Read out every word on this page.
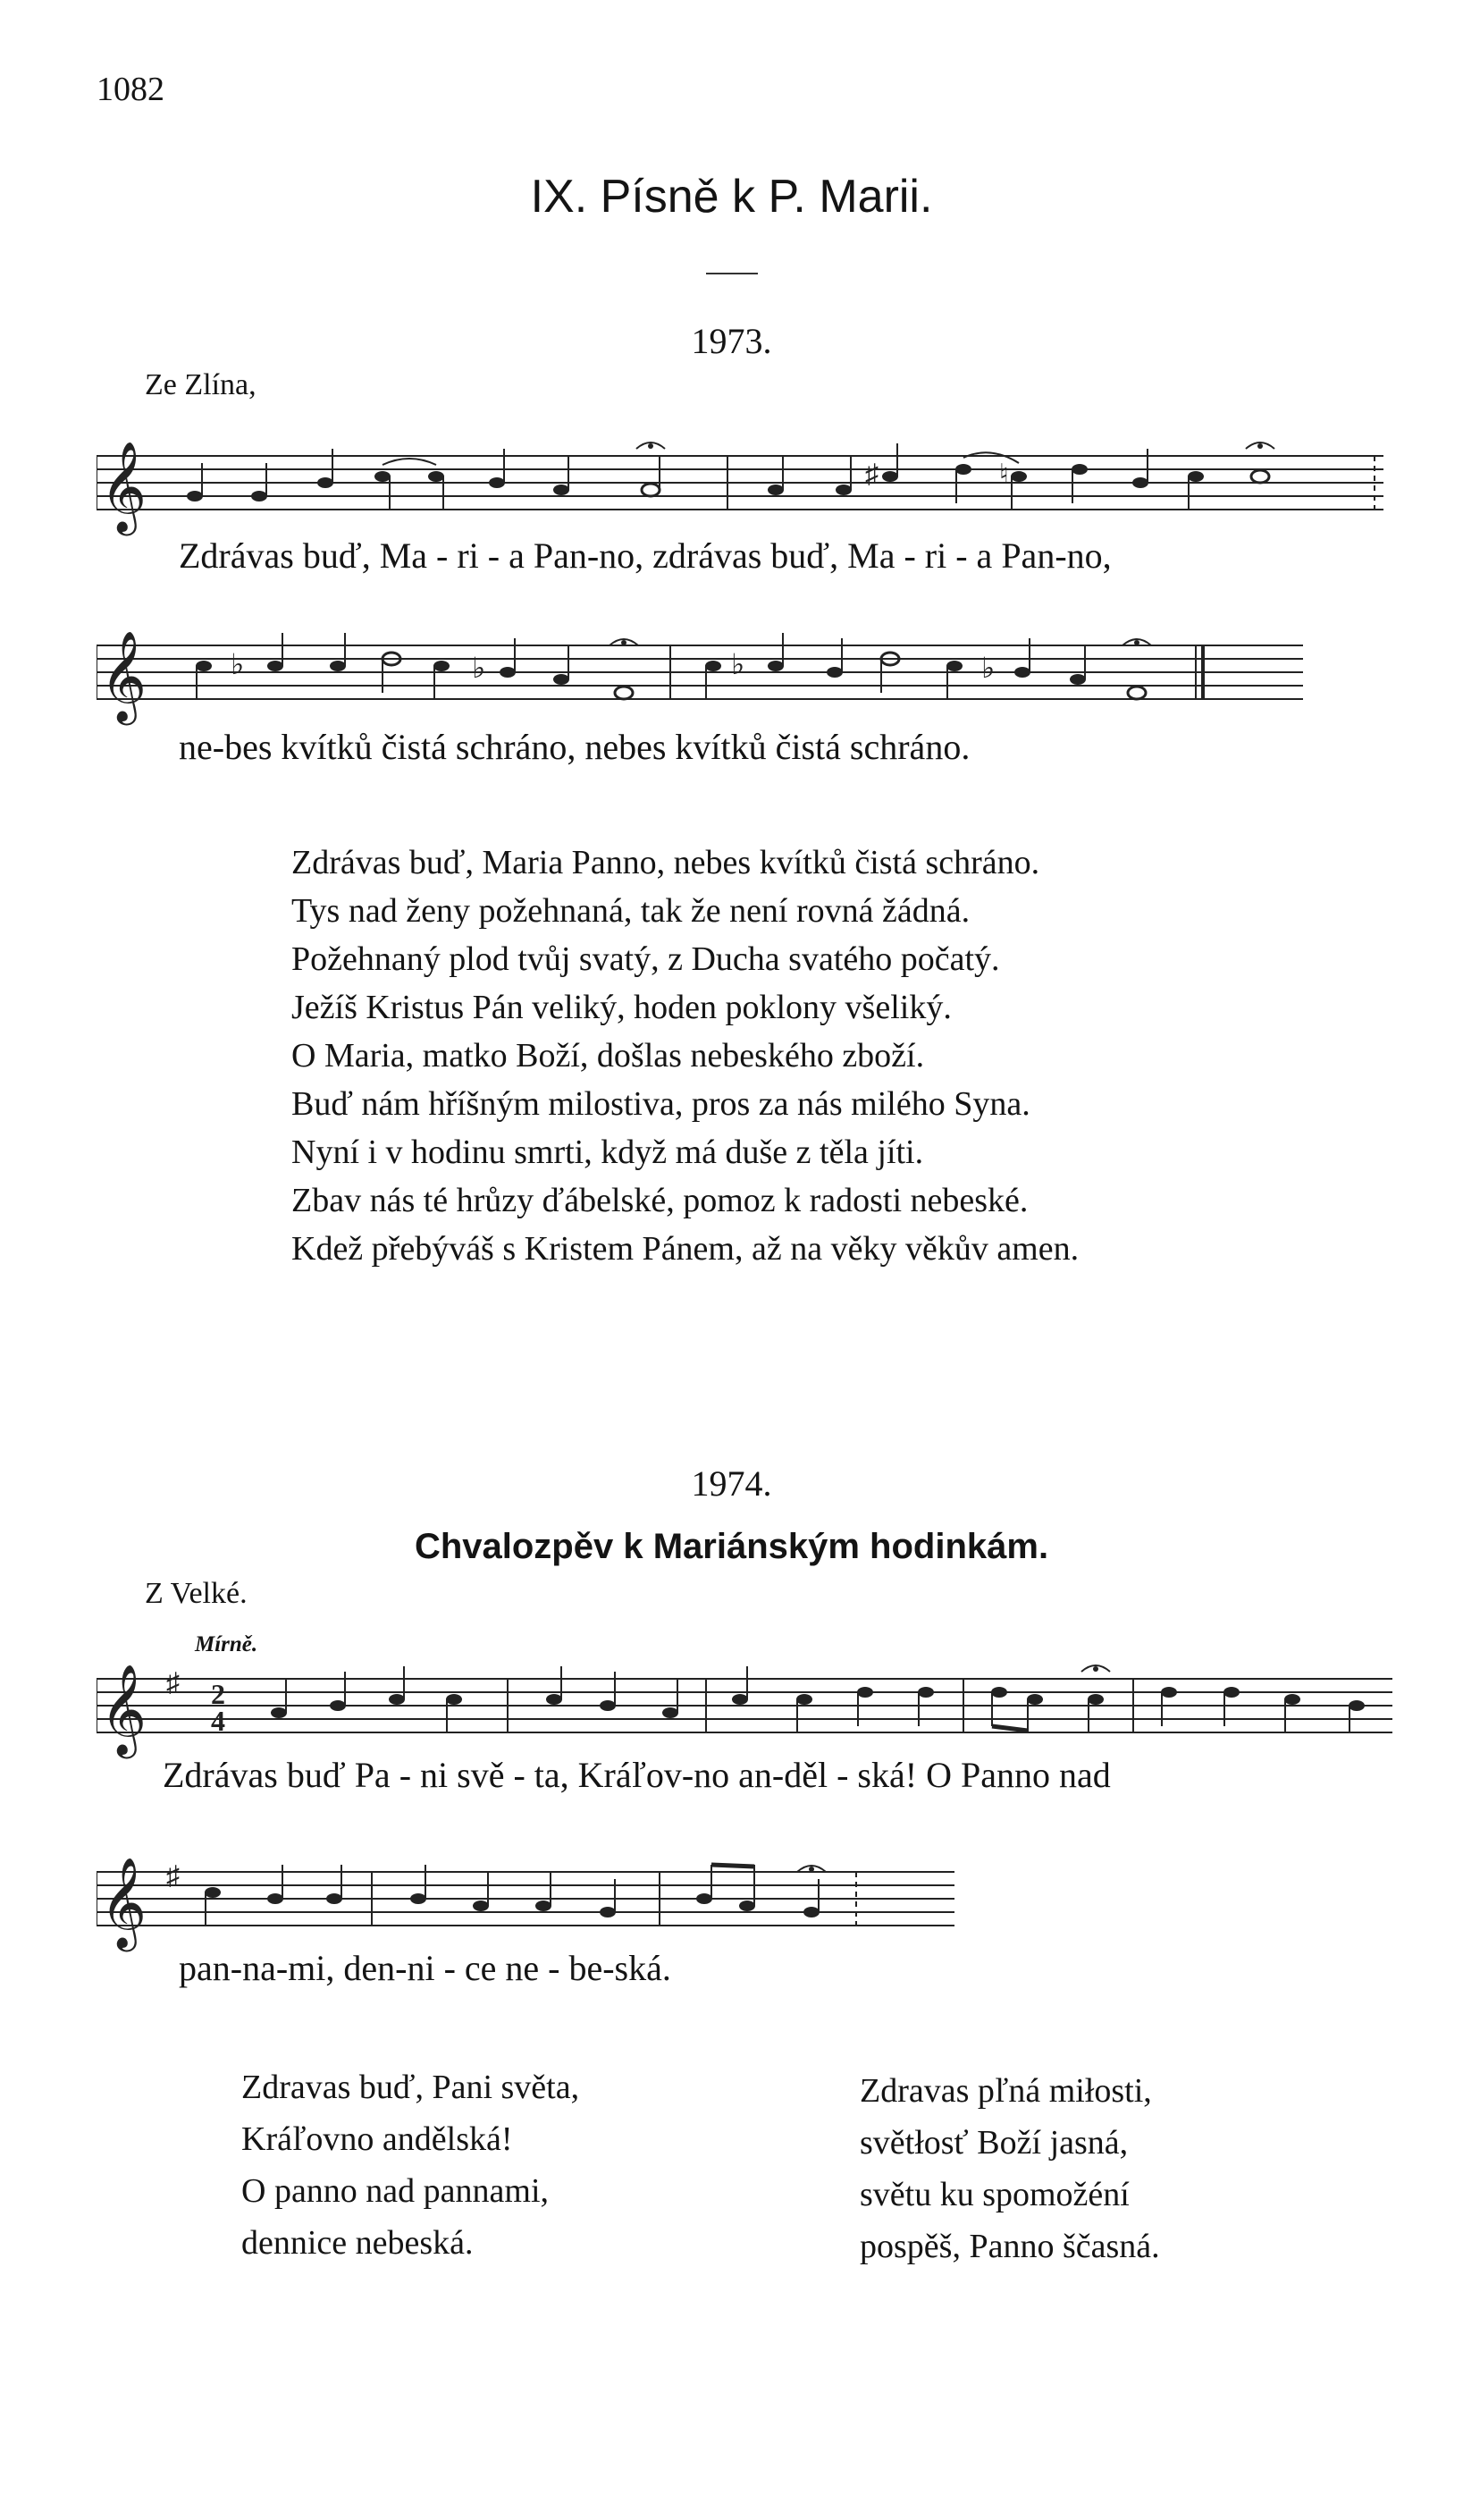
1082
IX. Písně k P. Marii.
1973.
Ze Zlína,
𝄞	♯	♮
Zdrávas buď, Ma - ri - a Pan-no, zdrávas buď, Ma - ri - a Pan-no,
𝄞	♭	♭	♭	♭
ne-bes kvítků čistá schráno, nebes kvítků čistá schráno.
Zdrávas buď, Maria Panno, nebes kvítků čistá schráno.
Tys nad ženy požehnaná, tak že není rovná žádná.
Požehnaný plod tvůj svatý, z Ducha svatého počatý.
Ježíš Kristus Pán veliký, hoden poklony všeliký.
O Maria, matko Boží, došlas nebeského zboží.
Buď nám hříšným milostiva, pros za nás milého Syna.
Nyní i v hodinu smrti, když má duše z těla jíti.
Zbav nás té hrůzy ďábelské, pomoz k radosti nebeské.
Kdež přebýváš s Kristem Pánem, až na věky věkův amen.
1974.
Chvalozpěv k Mariánským hodinkám.
Z Velké.
Mírně.
𝄞 ♯ 2
4
Zdrávas buď Pa - ni svě - ta, Kráľov-no an-děl - ská! O Panno nad
𝄞 ♯
pan-na-mi, den-ni - ce ne - be-ská.
Zdravas buď, Pani světa,
Kráľovno andělská!
O panno nad pannami,
dennice nebeská.
Zdravas pľná miłosti,
světłosť Boží jasná,
světu ku spomožéní
pospěš, Panno ščasná.
